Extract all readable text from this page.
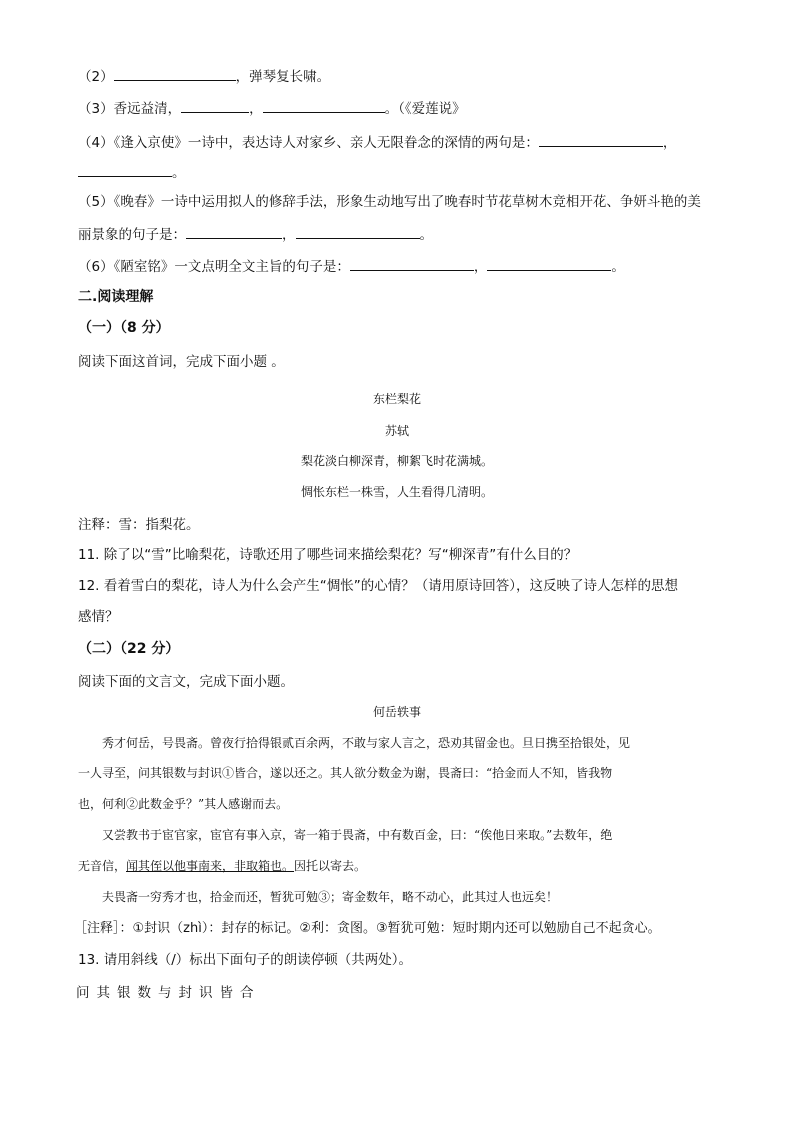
（2）	，弹琴复长啸。
（3）香远益清，	，	。（《爱莲说》
（4）《逢入京使》一诗中，表达诗人对家乡、亲人无限眷念的深情的两句是：	，
。
（5）《晚春》一诗中运用拟人的修辞手法，形象生动地写出了晚春时节花草树木竞相开花、争妍斗艳的美
丽景象的句子是：	，	。
（6）《陋室铭》一文点明全文主旨的句子是：	，	。
二.阅读理解
（一）（8 分）
阅读下面这首词，完成下面小题 。
东栏梨花
苏轼
梨花淡白柳深青，柳絮飞时花满城。
惆怅东栏一株雪，人生看得几清明。
注释：雪：指梨花。
11. 除了以“雪”比喻梨花，诗歌还用了哪些词来描绘梨花？写“柳深青”有什么目的？
12. 看着雪白的梨花，诗人为什么会产生“惆怅”的心情？（请用原诗回答），这反映了诗人怎样的思想
感情？
（二）（22 分）
阅读下面的文言文，完成下面小题。
何岳轶事
秀才何岳，号畏斋。曾夜行拾得银贰百余两，不敢与家人言之，恐劝其留金也。旦日携至拾银处，见
一人寻至，问其银数与封识①皆合，遂以还之。其人欲分数金为谢，畏斋曰：“拾金而人不知，皆我物
也，何利②此数金乎？”其人感谢而去。
又尝教书于宦官家，宦官有事入京，寄一箱于畏斋，中有数百金，曰：“俟他日来取。”去数年，绝
无音信，闻其侄以他事南来，非取箱也。因托以寄去。
夫畏斋一穷秀才也，拾金而还，暂犹可勉③；寄金数年，略不动心，此其过人也远矣！
［注释］：①封识（zhì）：封存的标记。②利：贪图。③暂犹可勉：短时期内还可以勉励自己不起贪心。
13. 请用斜线（/）标出下面句子的朗读停顿（共两处）。
问其银数与封识皆合
